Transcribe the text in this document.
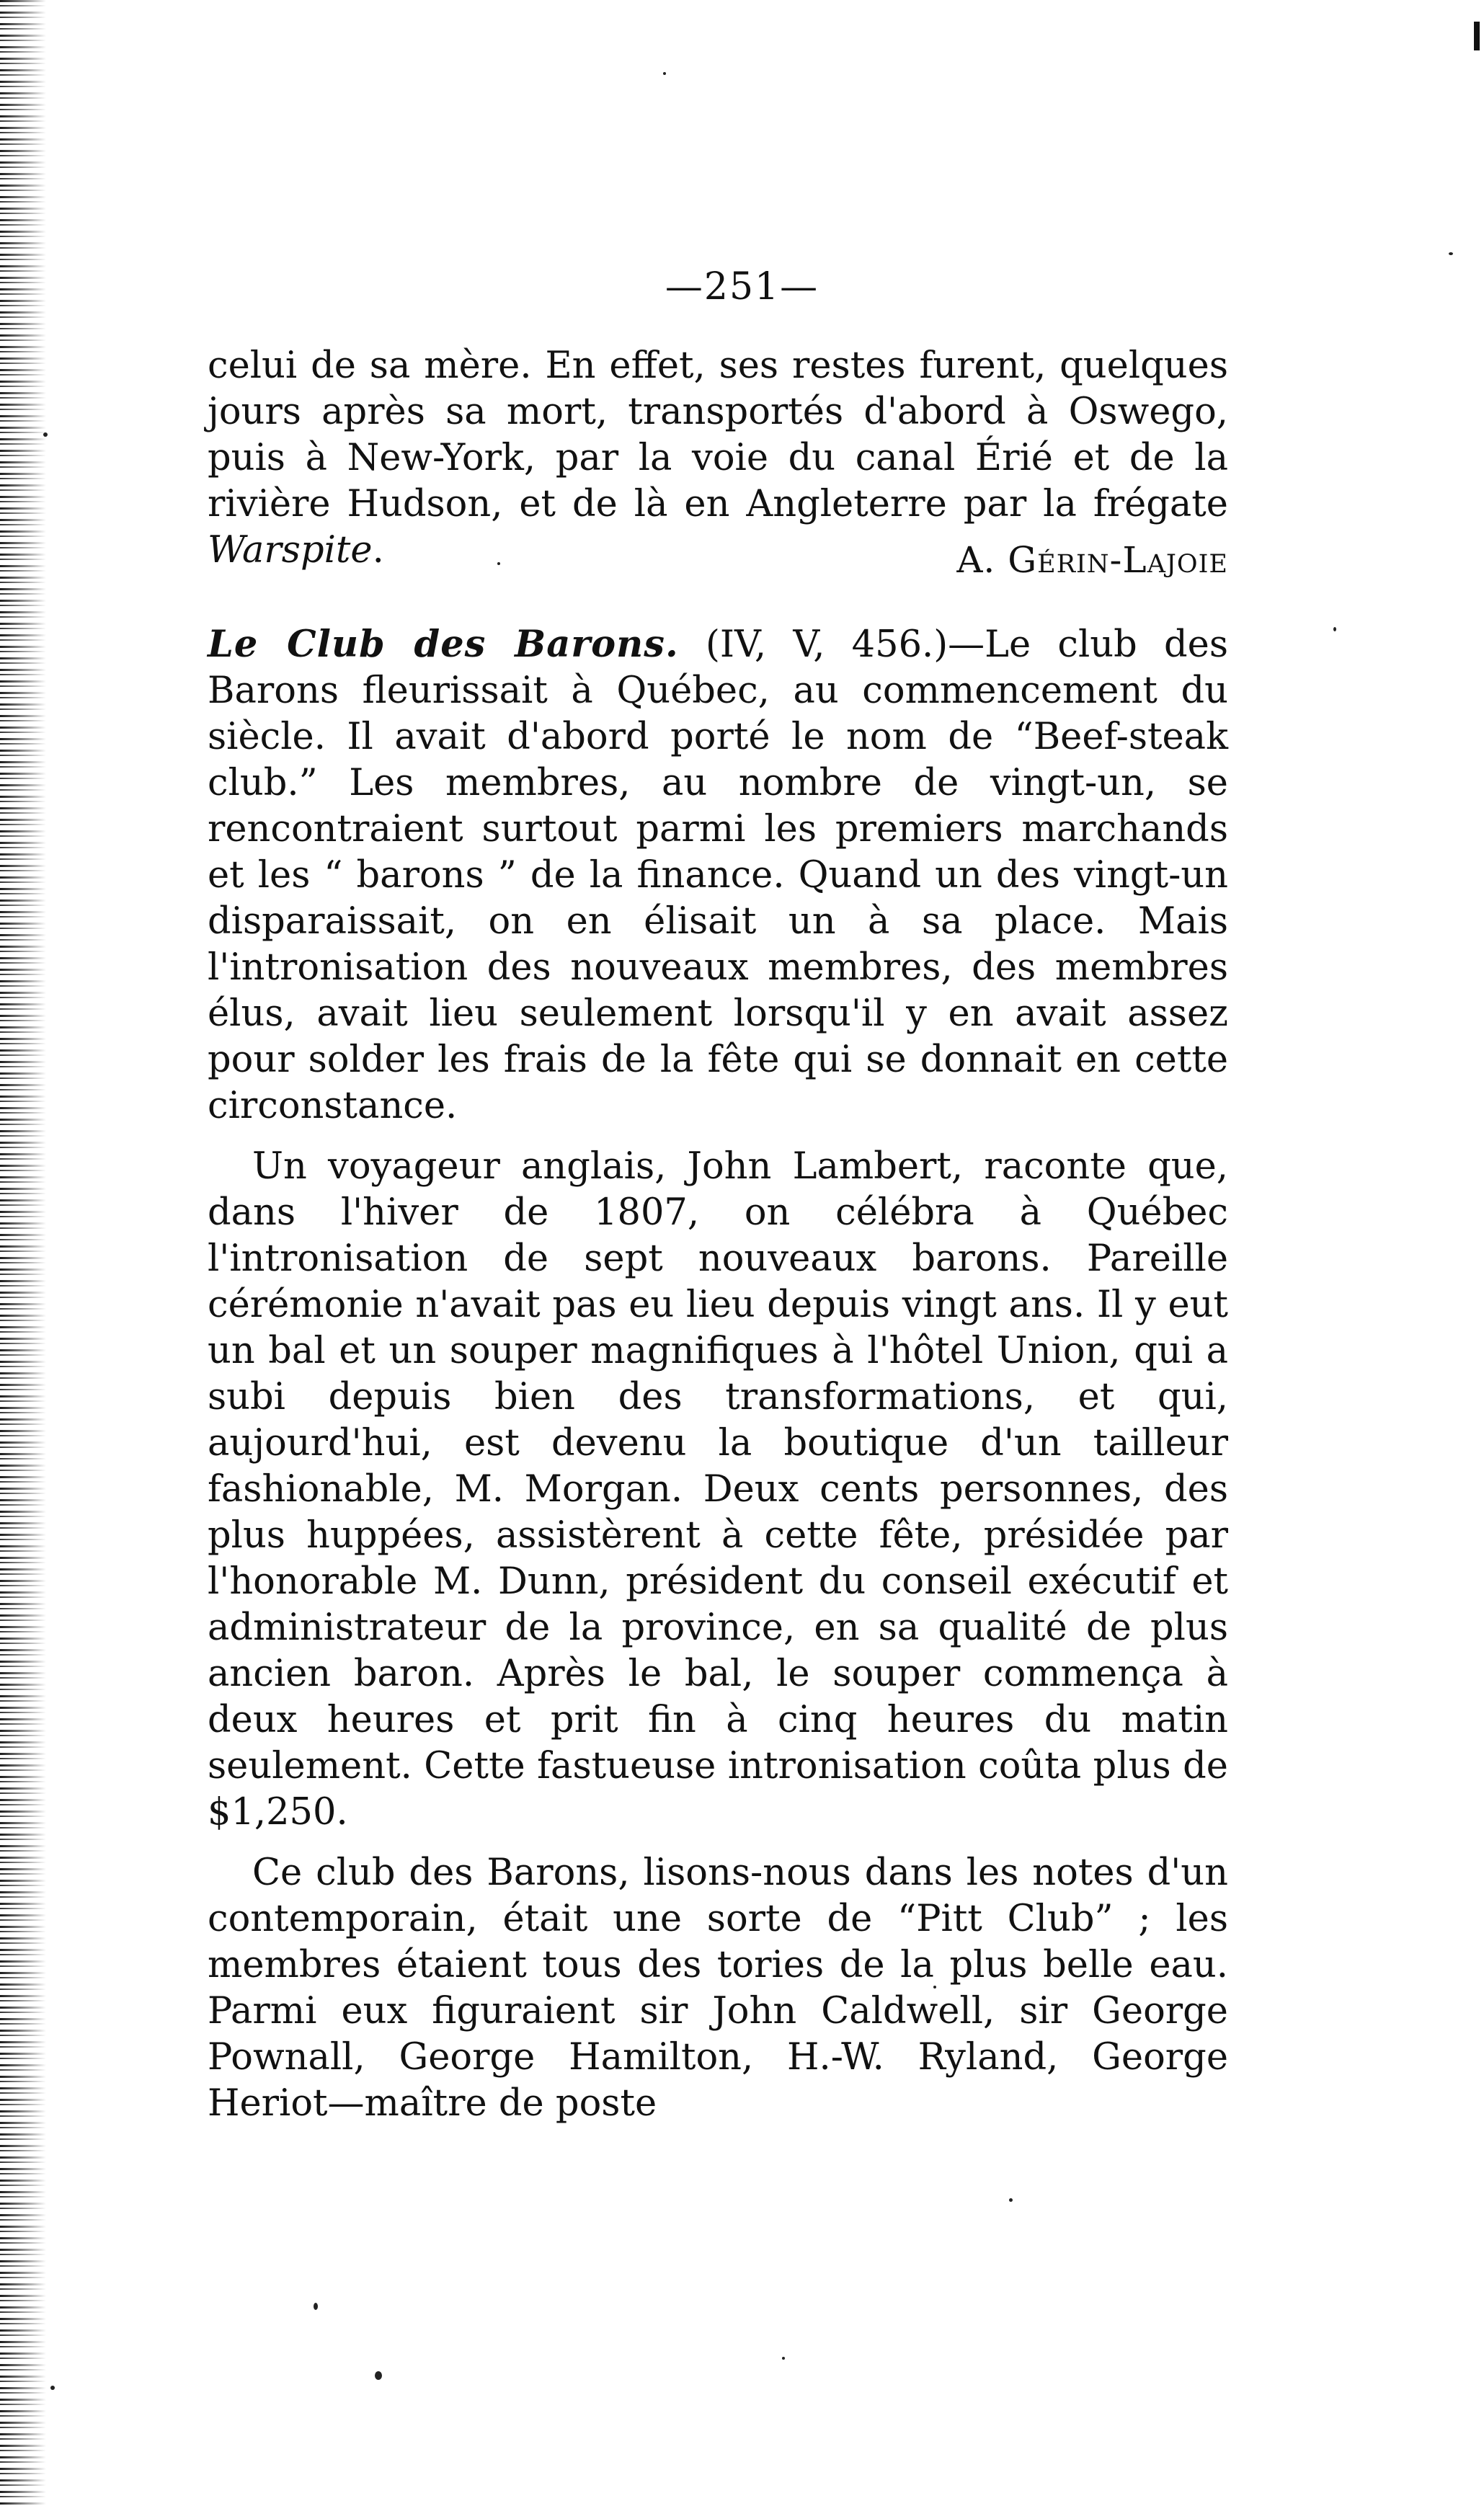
—251—

celui de sa mère. En effet, ses restes furent, quelques jours après sa mort, transportés d'abord à Oswego, puis à New-York, par la voie du canal Érié et de la rivière Hudson, et de là en Angleterre par la frégate Warspite.	A. Gérin-Lajoie

Le Club des Barons. (IV, V, 456.)—Le club des Barons fleurissait à Québec, au commencement du siècle. Il avait d'abord porté le nom de “Beef-steak club.” Les membres, au nombre de vingt-un, se rencontraient surtout parmi les premiers marchands et les “ barons ” de la finance. Quand un des vingt-un disparaissait, on en élisait un à sa place. Mais l'intronisation des nouveaux membres, des membres élus, avait lieu seulement lorsqu'il y en avait assez pour solder les frais de la fête qui se donnait en cette circonstance.

Un voyageur anglais, John Lambert, raconte que, dans l'hiver de 1807, on célébra à Québec l'intronisation de sept nouveaux barons. Pareille cérémonie n'avait pas eu lieu depuis vingt ans. Il y eut un bal et un souper magnifiques à l'hôtel Union, qui a subi depuis bien des transformations, et qui, aujourd'hui, est devenu la boutique d'un tailleur fashionable, M. Morgan. Deux cents personnes, des plus huppées, assistèrent à cette fête, présidée par l'honorable M. Dunn, président du conseil exécutif et administrateur de la province, en sa qualité de plus ancien baron. Après le bal, le souper commença à deux heures et prit fin à cinq heures du matin seulement. Cette fastueuse intronisation coûta plus de $1,250.

Ce club des Barons, lisons-nous dans les notes d'un contemporain, était une sorte de “Pitt Club” ; les membres étaient tous des tories de la plus belle eau. Parmi eux figuraient sir John Caldwell, sir George Pownall, George Hamilton, H.-W. Ryland, George Heriot—maître de poste
